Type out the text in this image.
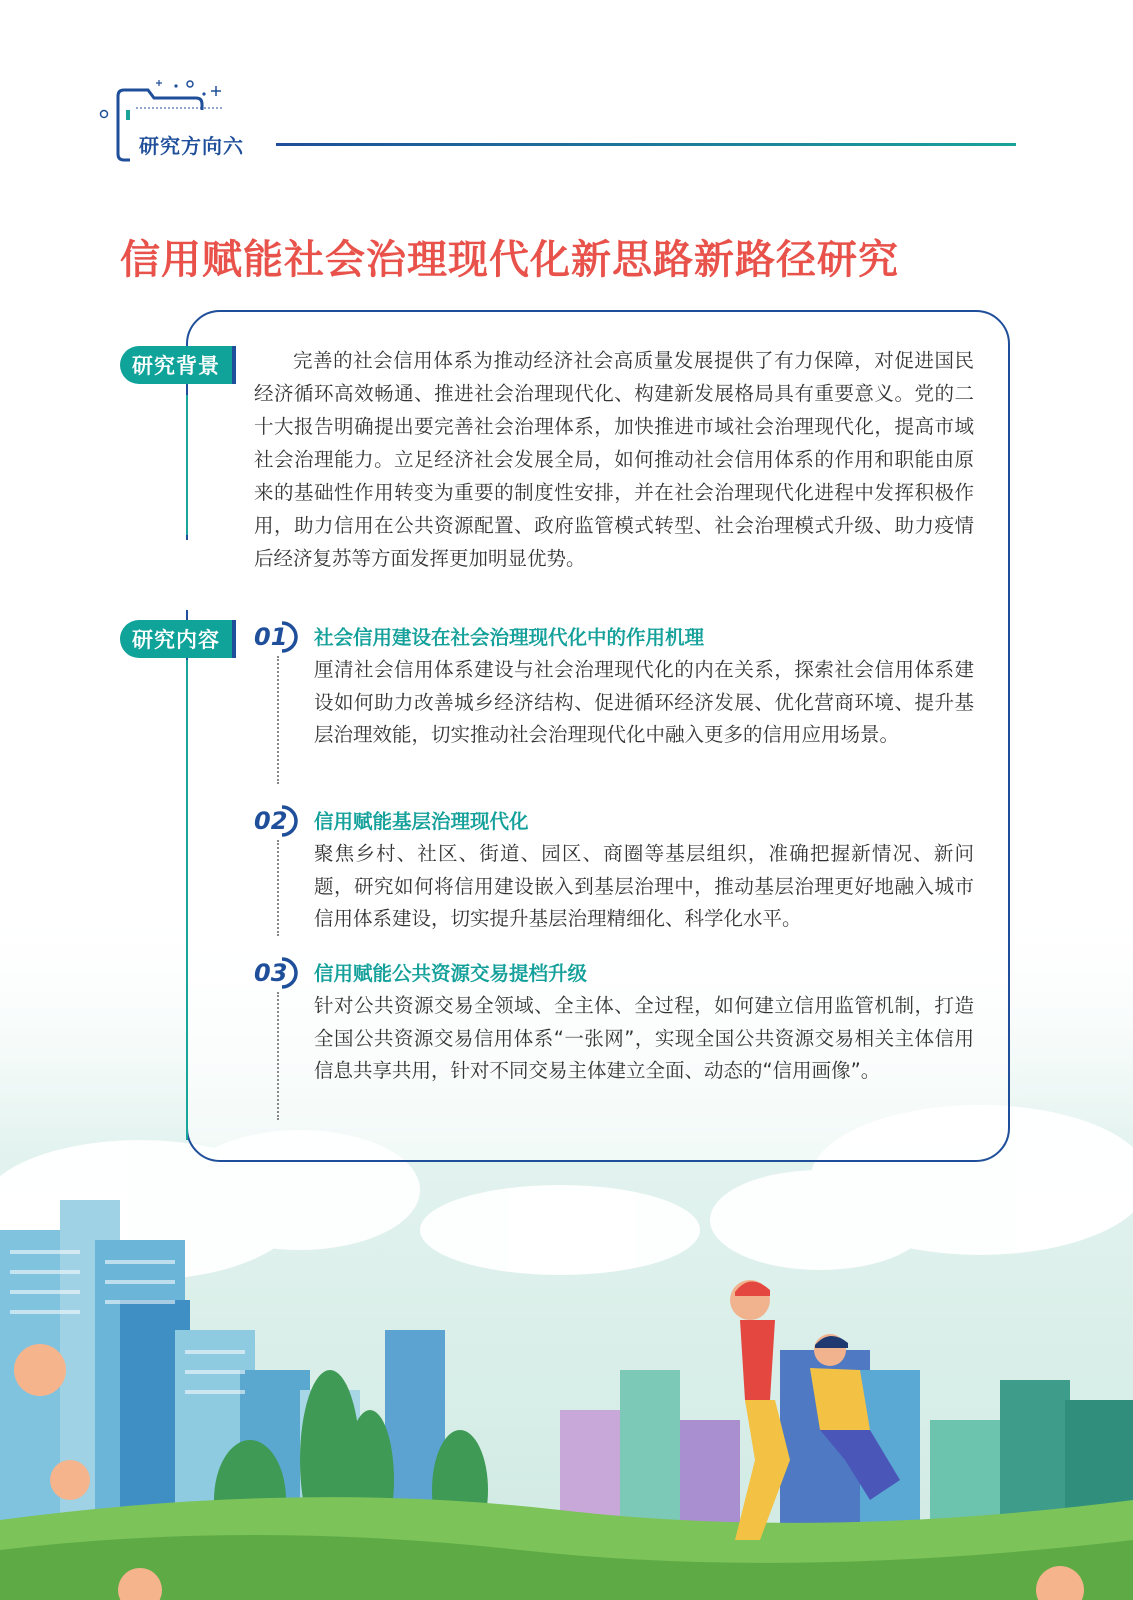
研究方向六
信用赋能社会治理现代化新思路新路径研究
研究背景	完善的社会信用体系为推动经济社会高质量发展提供了有力保障，对促进国民经济循环高效畅通、推进社会治理现代化、构建新发展格局具有重要意义。党的二十大报告明确提出要完善社会治理体系，加快推进市域社会治理现代化，提高市域社会治理能力。立足经济社会发展全局，如何推动社会信用体系的作用和职能由原来的基础性作用转变为重要的制度性安排，并在社会治理现代化进程中发挥积极作用，助力信用在公共资源配置、政府监管模式转型、社会治理模式升级、助力疫情后经济复苏等方面发挥更加明显优势。

研究内容	01 社会信用建设在社会治理现代化中的作用机理

厘清社会信用体系建设与社会治理现代化的内在关系，探索社会信用体系建设如何助力改善城乡经济结构、促进循环经济发展、优化营商环境、提升基层治理效能，切实推动社会治理现代化中融入更多的信用应用场景。

02 信用赋能基层治理现代化

聚焦乡村、社区、街道、园区、商圈等基层组织，准确把握新情况、新问题，研究如何将信用建设嵌入到基层治理中，推动基层治理更好地融入城市信用体系建设，切实提升基层治理精细化、科学化水平。

03 信用赋能公共资源交易提档升级

针对公共资源交易全领域、全主体、全过程，如何建立信用监管机制，打造全国公共资源交易信用体系“一张网”，实现全国公共资源交易相关主体信用信息共享共用，针对不同交易主体建立全面、动态的“信用画像”。
